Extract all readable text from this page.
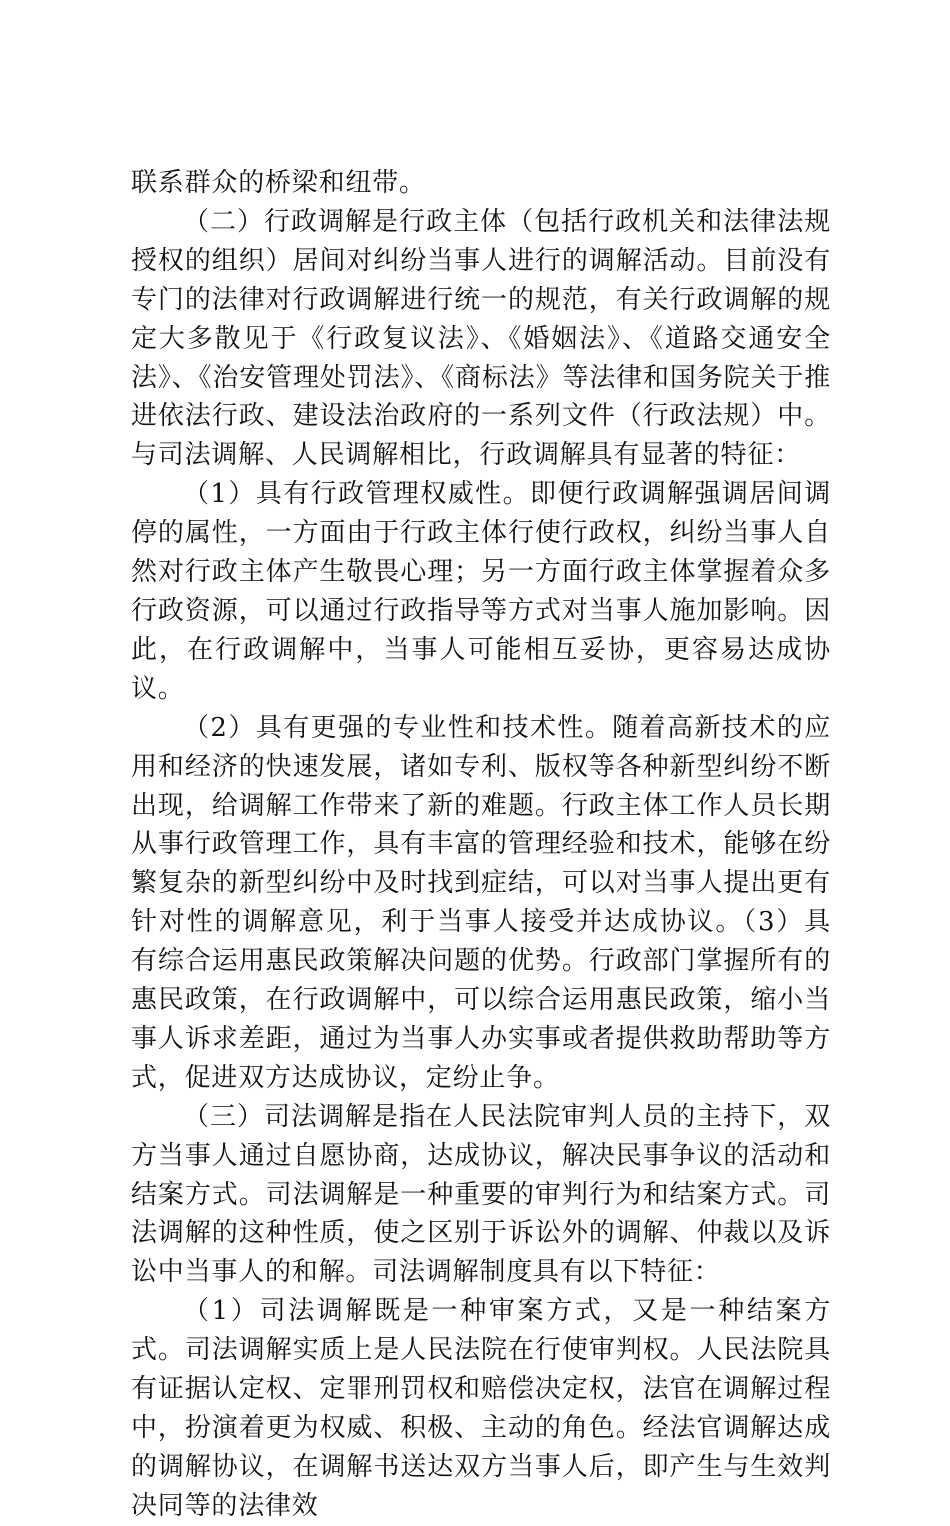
联系群众的桥梁和纽带。

（二）行政调解是行政主体（包括行政机关和法律法规授权的组织）居间对纠纷当事人进行的调解活动。目前没有专门的法律对行政调解进行统一的规范，有关行政调解的规定大多散见于《行政复议法》、《婚姻法》、《道路交通安全法》、《治安管理处罚法》、《商标法》等法律和国务院关于推进依法行政、建设法治政府的一系列文件（行政法规）中。与司法调解、人民调解相比，行政调解具有显著的特征：

（1）具有行政管理权威性。即便行政调解强调居间调停的属性，一方面由于行政主体行使行政权，纠纷当事人自然对行政主体产生敬畏心理；另一方面行政主体掌握着众多行政资源，可以通过行政指导等方式对当事人施加影响。因此，在行政调解中，当事人可能相互妥协，更容易达成协议。

（2）具有更强的专业性和技术性。随着高新技术的应用和经济的快速发展，诸如专利、版权等各种新型纠纷不断出现，给调解工作带来了新的难题。行政主体工作人员长期从事行政管理工作，具有丰富的管理经验和技术，能够在纷繁复杂的新型纠纷中及时找到症结，可以对当事人提出更有针对性的调解意见，利于当事人接受并达成协议。（3）具有综合运用惠民政策解决问题的优势。行政部门掌握所有的惠民政策，在行政调解中，可以综合运用惠民政策，缩小当事人诉求差距，通过为当事人办实事或者提供救助帮助等方式，促进双方达成协议，定纷止争。

（三）司法调解是指在人民法院审判人员的主持下，双方当事人通过自愿协商，达成协议，解决民事争议的活动和结案方式。司法调解是一种重要的审判行为和结案方式。司法调解的这种性质，使之区别于诉讼外的调解、仲裁以及诉讼中当事人的和解。司法调解制度具有以下特征：

（1）司法调解既是一种审案方式，又是一种结案方式。司法调解实质上是人民法院在行使审判权。人民法院具有证据认定权、定罪刑罚权和赔偿决定权，法官在调解过程中，扮演着更为权威、积极、主动的角色。经法官调解达成的调解协议，在调解书送达双方当事人后，即产生与生效判决同等的法律效
